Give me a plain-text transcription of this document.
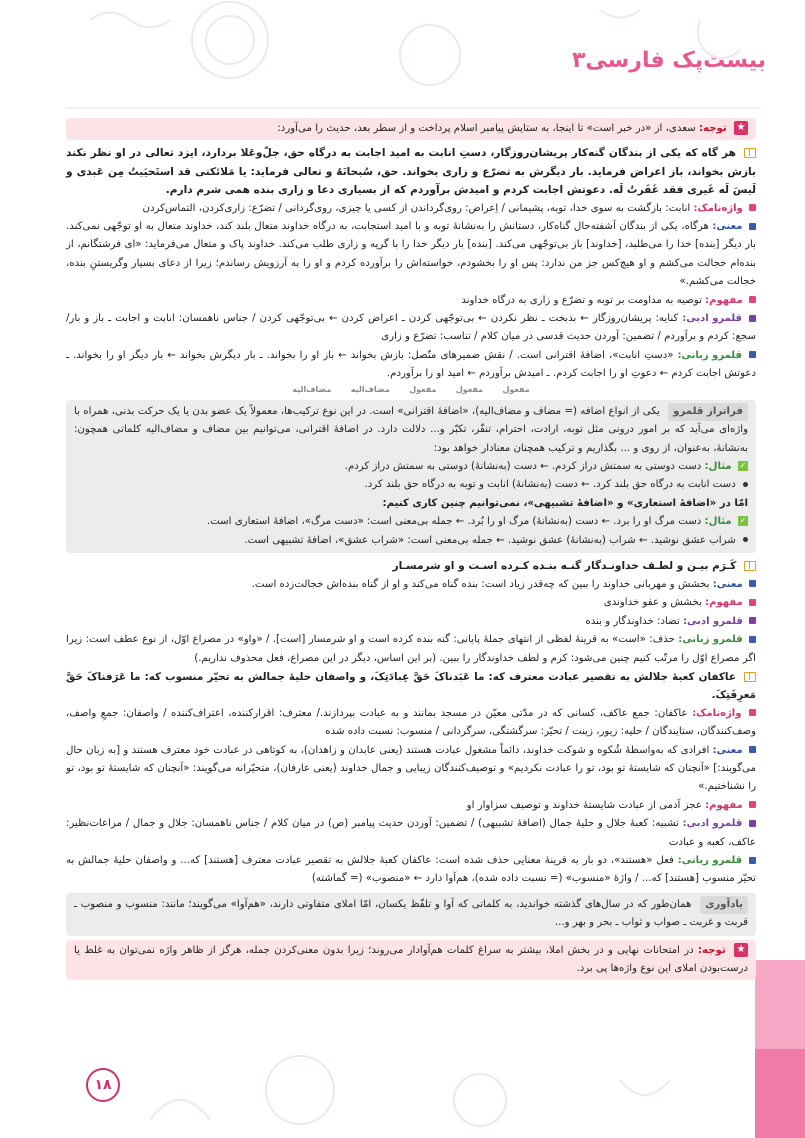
بیست‌پک فارسی۳
۱۸
★ توجه: سعدی، از «در خبر است» تا اینجا، به ستایش پیامبر اسلام پرداخت و از سطر بعد، حدیث را می‌آورد:

هر گاه که یکی از بندگان گنه‌کار پریشان‌روزگار، دستِ انابت به امید اجابت به درگاه حق، جلّ‌وعَلا بردارد، ایزد تعالی در او نظر نکند بازش بخواند، باز اعراض فرماید. بار دیگرش به تضرّع و زاری بخواند. حق، سُبحانَهُ و تعالی فرماید: یا مَلائکتی قد استَحیَیتُ مِن عَبدی و لَیسَ لَه غَیری فقد غَفَرتُ لَه. دعوتش اجابت کردم و امیدش برآوردم که از بسیاری دعا و زاری بنده همی شرم دارم.

واژه‌نامک: انابت: بازگشت به سوی خدا، توبه، پشیمانی / اِعراض: روی‌گرداندن از کسی یا چیزی، روی‌گردانی / تضرّع: زاری‌کردن، التماس‌کردن

معنی: هرگاه، یکی از بندگان آشفته‌حال گناه‌کار، دستانش را به‌نشانهٔ توبه و با امید استجابت، به درگاه خداوند متعال بلند کند، خداوند متعال به او توجّهی نمی‌کند. بار دیگر [بنده] خدا را می‌طلبد، [خداوند] باز بی‌توجّهی می‌کند. [بنده] بار دیگر خدا را با گریه و زاری طلب می‌کند. خداوند پاک و متعال می‌فرماید: «ای فرشتگانم، از بنده‌ام خجالت می‌کشم و او هیچ‌کس جز من ندارد: پس او را بخشودم، خواسته‌اش را برآورده کردم و او را به آرزویش رساندم؛ زیرا از دعای بسیار وگریستنِ بنده، خجالت می‌کشم.»

مفهوم: توصیه به مداومت بر توبه و تضرّع و زاری به درگاه خداوند

قلمرو ادبی: کنایه: پریشان‌روزگار ← بدبخت ـ نظر نکردن ← بی‌توجّهی کردن ـ اعراض کردن ← بی‌توجّهی کردن / جناس ناهمسان: انابت و اجابت ـ باز و بار/ سجع: کردم و برآوردم / تضمین: آوردن حدیث قدسی در میان کلام / تناسب: تضرّع و زاری

قلمرو زبانی: «دستِ انابت»، اضافهٔ اقترانی است. / نقش ضمیرهای متّصل: بازش بخواند ← باز او را بخواند. ـ بار دیگرش بخواند ← بار دیگر او را بخواند. ـ دعوتش اجابت کردم ← دعوتِ او را اجابت کردم. ـ امیدش برآوردم ← امید او را برآوردم.

مفعول      مفعول      مفعول      مضاف‌الیه      مضاف‌الیه

فراتراز قلمرو یکی از انواع اضافه (= مضاف و مضاف‌الیه)، «اضافهٔ اقترانی» است. در این نوع ترکیب‌ها، معمولاً یک عضو بدن یا یک حرکت بدنی، همراه با واژه‌ای می‌آید که بر امور درونی مثل توبه، ارادت، احترام، تنفّر، تکبّر و... دلالت دارد. در اضافهٔ اقترانی، می‌توانیم بین مضاف و مضاف‌الیه کلماتی همچون: به‌نشانهٔ، به‌عنوان، از روی و ... بگذاریم و ترکیب همچنان معنادار خواهد بود:

✓ مثال: دست دوستی به سمتش دراز کردم. ← دست (به‌نشانهٔ) دوستی به سمتش دراز کردم.

دست انابت به درگاه حق بلند کرد. ← دست (به‌نشانهٔ) انابت و توبه به درگاه حق بلند کرد.

امّا در «اضافهٔ استعاری» و «اضافهٔ تشبیهی»، نمی‌توانیم چنین کاری کنیم:

✓ مثال: دست مرگ او را برد. ← دست (به‌نشانهٔ) مرگ او را بُرد. ← جمله بی‌معنی است: «دست مرگ»، اضافهٔ استعاری است.

شراب عشق نوشید. ← شراب (به‌نشانهٔ) عشق نوشید. ← جمله بی‌معنی است: «شراب عشق»، اضافهٔ تشبیهی است.

کَـرَم بیـن و لطـف خداونـدگار گنـه بنـده کـرده اسـت و او شرمسـار

معنی: بخشش و مهربانی خداوند را ببین که چه‌قدر زیاد است: بنده گناه می‌کند و او از گناه بنده‌اش خجالت‌زده است.

مفهوم: بخشش و عفو خداوندی

قلمرو ادبی: تضاد: خداوندگار و بنده

قلمرو زبانی: حذف: «است» به قرینهٔ لفظی از انتهای جملهٔ پایانی: گنه بنده کرده است و او شرمسار [است]. / «واو» در مصراع اوّل، از نوع عطف است: زیرا اگر مصراع اوّل را مرتّب کنیم چنین می‌شود: کرم و لطف خداوندگار را ببین. (بر این اساس، دیگر در این مصراع، فعل محذوف نداریم.)

عاکفان کعبهٔ جلالش به تقصیر عبادت معترف که: ما عَبَدناکَ حَقَّ عِبادَتِکَ، و واصفان حلیهٔ جمالش به تحیّر منسوب که: ما عَرَفناکَ حَقَّ مَعرِفَتِکَ.

واژه‌نامک: عاکفان: جمع عاکف، کسانی که در مدّتی معیّن در مسجد بمانند و به عبادت بپردازند./ معترف: اقرارکننده، اعتراف‌کننده / واصفان: جمعِ واصف، وصف‌کنندگان، ستایندگان / حلیه: زیور، زینت / تحیّر: سرگشتگی، سرگردانی / منسوب: نسبت داده شده

معنی: افرادی که به‌واسطهٔ شُکوه و شوکت خداوند، دائماً مشغول عبادت هستند (یعنی عابدان و زاهدان)، به کوتاهی در عبادت خود معترف هستند و [به زبان حال می‌گویند:] «آنچنان که شایستهٔ تو بود، تو را عبادت نکردیم» و توصیف‌کنندگان زیبایی و جمال خداوند (یعنی عارفان)، متحیّرانه می‌گویند: «آنچنان که شایستهٔ تو بود، تو را نشناختیم.»

مفهوم: عجز آدمی از عبادت شایستهٔ خداوند و توصیف سزاوار او

قلمرو ادبی: تشبیه: کعبهٔ جلال و حلیهٔ جمال (اضافهٔ تشبیهی) / تضمین: آوردن حدیث پیامبر (ص) در میان کلام / جناس ناهمسان: جلال و جمال / مراعات‌نظیر: عاکف، کعبه و عبادت

قلمرو زبانی: فعل «هستند»، دو بار به قرینهٔ معنایی حذف شده است: عاکفان کعبهٔ جلالش به تقصیر عبادت معترف [هستند] که... و واصفان حلیهٔ جمالش به تحیّر منسوب [هستند] که... / واژهٔ «منسوب» (= نسبت داده شده)، هم‌آوا دارد ← «منصوب» (= گماشته)

یادآوری همان‌طور که در سال‌های گذشته خواندید، به کلماتی که آوا و تلفّظ یکسان، امّا املای متفاوتی دارند، «هم‌آوا» می‌گویند؛ مانند: منسوب و منصوب ـ قربت و غربت ـ صواب و ثواب ـ بحر و بهر و...
★ توجه: در امتحانات نهایی و در بخش املا، بیشتر به سراغ کلمات هم‌آوادار می‌روند؛ زیرا بدون معنی‌کردن جمله، هرگز از ظاهر واژه نمی‌توان به غلط یا درست‌بودن املای این نوع واژه‌ها پی برد.
